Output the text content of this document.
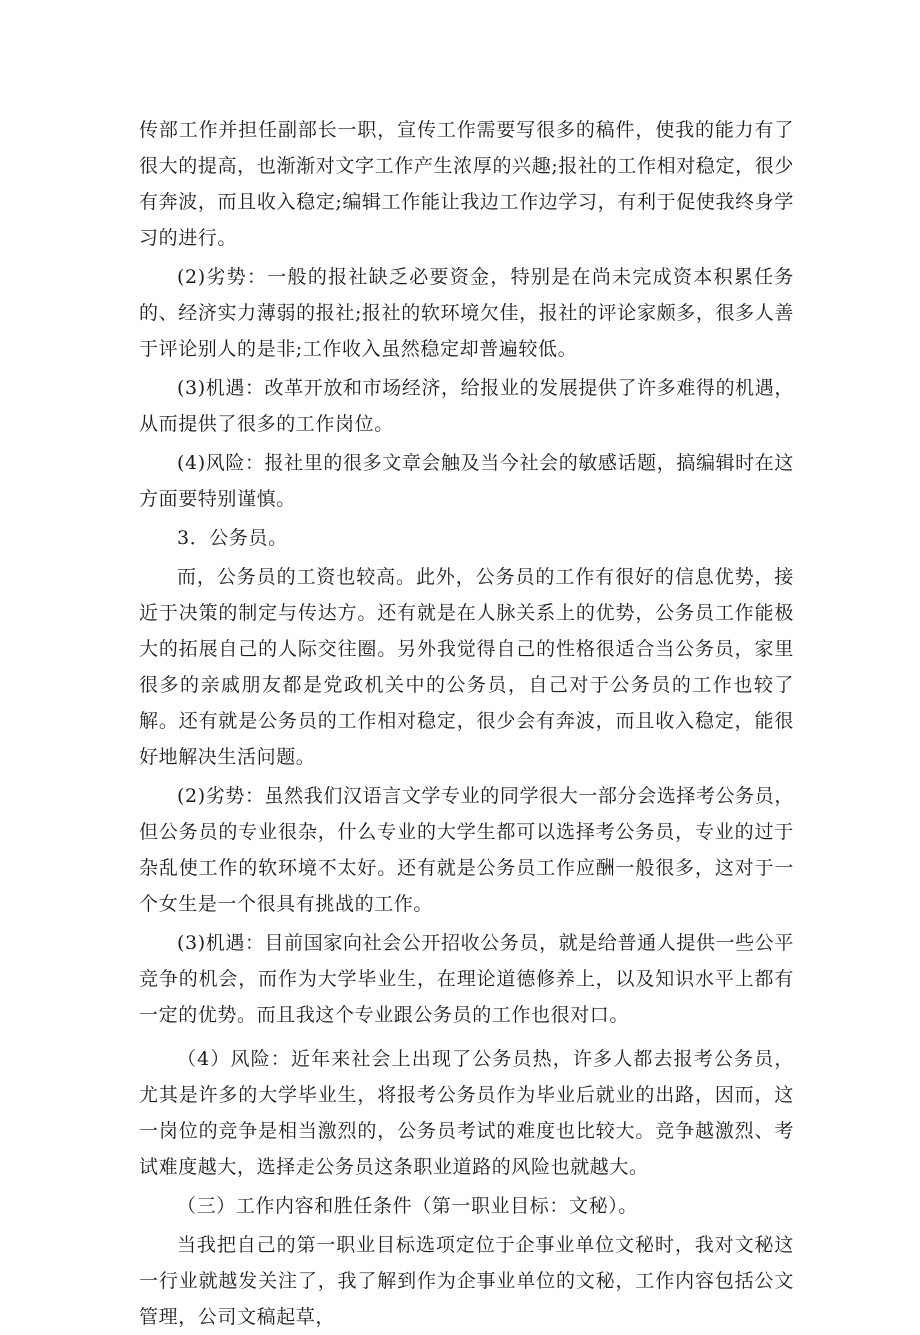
传部工作并担任副部长一职，宣传工作需要写很多的稿件，使我的能力有了很大的提高，也渐渐对文字工作产生浓厚的兴趣;报社的工作相对稳定，很少有奔波，而且收入稳定;编辑工作能让我边工作边学习，有利于促使我终身学习的进行。

(2)劣势：一般的报社缺乏必要资金，特别是在尚未完成资本积累任务的、经济实力薄弱的报社;报社的软环境欠佳，报社的评论家颇多，很多人善于评论别人的是非;工作收入虽然稳定却普遍较低。

(3)机遇：改革开放和市场经济，给报业的发展提供了许多难得的机遇，从而提供了很多的工作岗位。

(4)风险：报社里的很多文章会触及当今社会的敏感话题，搞编辑时在这方面要特别谨慎。

3．公务员。

而，公务员的工资也较高。此外，公务员的工作有很好的信息优势，接近于决策的制定与传达方。还有就是在人脉关系上的优势，公务员工作能极大的拓展自己的人际交往圈。另外我觉得自己的性格很适合当公务员，家里很多的亲戚朋友都是党政机关中的公务员，自己对于公务员的工作也较了解。还有就是公务员的工作相对稳定，很少会有奔波，而且收入稳定，能很好地解决生活问题。

(2)劣势：虽然我们汉语言文学专业的同学很大一部分会选择考公务员，但公务员的专业很杂，什么专业的大学生都可以选择考公务员，专业的过于杂乱使工作的软环境不太好。还有就是公务员工作应酬一般很多，这对于一个女生是一个很具有挑战的工作。

(3)机遇：目前国家向社会公开招收公务员，就是给普通人提供一些公平竞争的机会，而作为大学毕业生，在理论道德修养上，以及知识水平上都有一定的优势。而且我这个专业跟公务员的工作也很对口。

（4）风险：近年来社会上出现了公务员热，许多人都去报考公务员，尤其是许多的大学毕业生，将报考公务员作为毕业后就业的出路，因而，这一岗位的竞争是相当激烈的，公务员考试的难度也比较大。竞争越激烈、考试难度越大，选择走公务员这条职业道路的风险也就越大。

（三）工作内容和胜任条件（第一职业目标：文秘）。

当我把自己的第一职业目标选项定位于企事业单位文秘时，我对文秘这一行业就越发关注了，我了解到作为企事业单位的文秘，工作内容包括公文管理，公司文稿起草，
